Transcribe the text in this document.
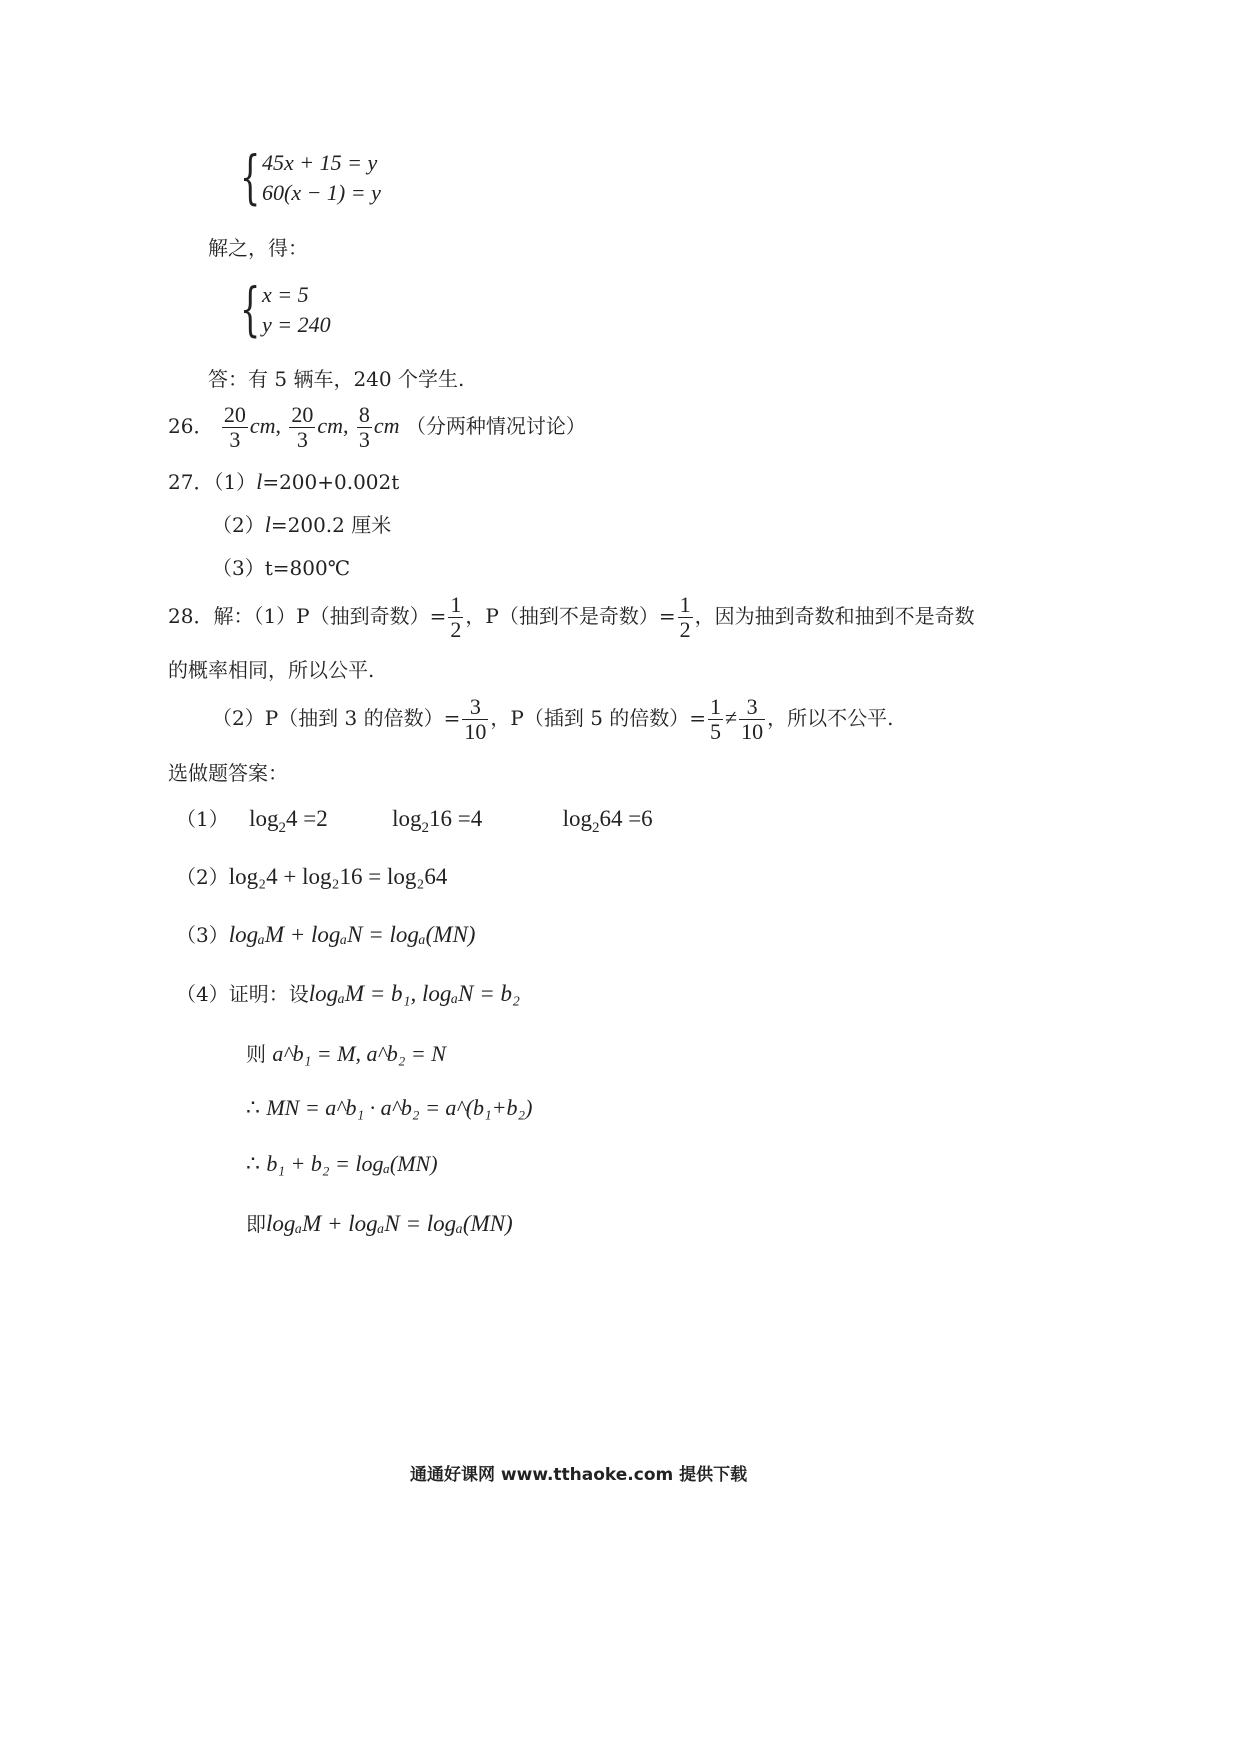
{ 45x + 15 = y
60(x − 1) = y
解之，得：
{ x = 5
y = 240
答：有 5 辆车，240 个学生.
26． $\frac{20}{3}$ cm, $\frac{20}{3}$ cm, $\frac{8}{3}$ cm （分两种情况讨论）
27．（1）l=200+0.002t
（2）l=200.2 厘米
（3）t=800℃
28．解：（1）P（抽到奇数）= $\frac{1}{2}$ ，P（抽到不是奇数）= $\frac{1}{2}$ ，因为抽到奇数和抽到不是奇数
的概率相同，所以公平.
（2）P（抽到 3 的倍数）= $\frac{3}{10}$ ，P（插到 5 的倍数）= $\frac{1}{5} \ne \frac{3}{10}$ ，所以不公平.
选做题答案：
（1） $\log_24 =2$	$\log_216 =4$	$\log_264 =6$
（2）log₂4 + log₂16 = log₂64
（3）logₐM + logₐN = logₐ(MN)
（4）证明：设logₐM = b₁, logₐN = b₂
则 a^b₁ = M, a^b₂ = N
∴ MN = a^b₁ · a^b₂ = a^(b₁+b₂)
∴ b₁ + b₂ = logₐ(MN)
即logₐM + logₐN = logₐ(MN)
通通好课网 www.tthaoke.com 提供下载
